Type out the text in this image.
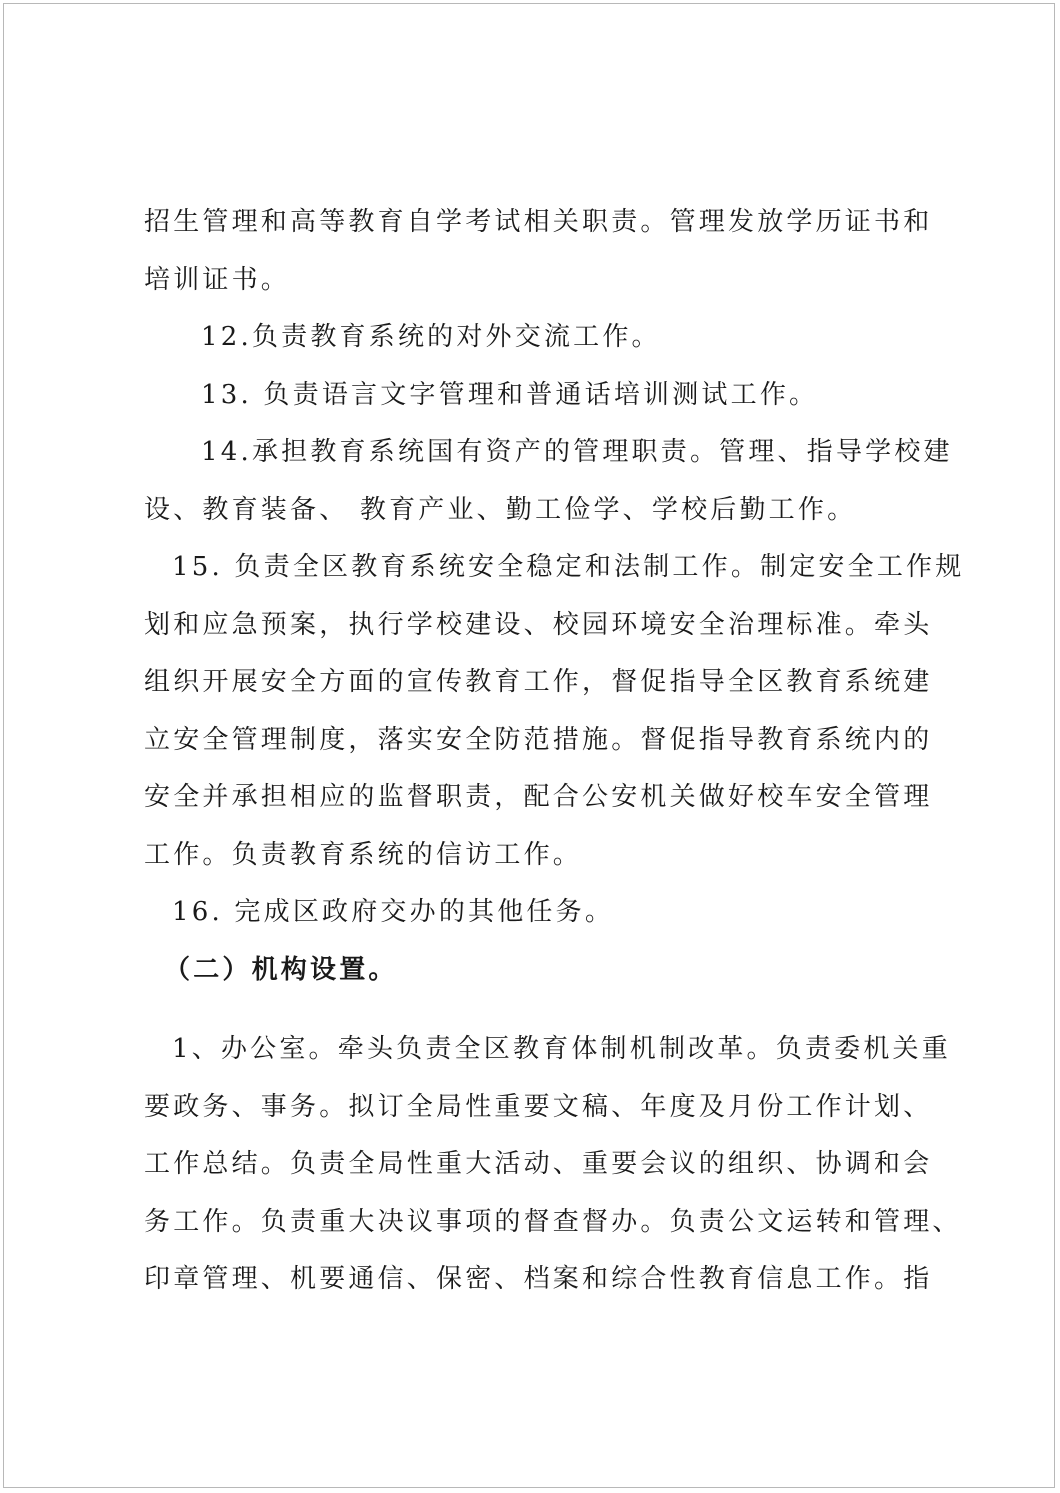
招生管理和高等教育自学考试相关职责。管理发放学历证书和
培训证书。
12.负责教育系统的对外交流工作。
13. 负责语言文字管理和普通话培训测试工作。
14.承担教育系统国有资产的管理职责。管理、指导学校建
设、教育装备、 教育产业、勤工俭学、学校后勤工作。
15. 负责全区教育系统安全稳定和法制工作。制定安全工作规
划和应急预案，执行学校建设、校园环境安全治理标准。牵头
组织开展安全方面的宣传教育工作，督促指导全区教育系统建
立安全管理制度，落实安全防范措施。督促指导教育系统内的
安全并承担相应的监督职责，配合公安机关做好校车安全管理
工作。负责教育系统的信访工作。
16. 完成区政府交办的其他任务。
（二）机构设置。
1、办公室。牵头负责全区教育体制机制改革。负责委机关重
要政务、事务。拟订全局性重要文稿、年度及月份工作计划、
工作总结。负责全局性重大活动、重要会议的组织、协调和会
务工作。负责重大决议事项的督查督办。负责公文运转和管理、
印章管理、机要通信、保密、档案和综合性教育信息工作。指
